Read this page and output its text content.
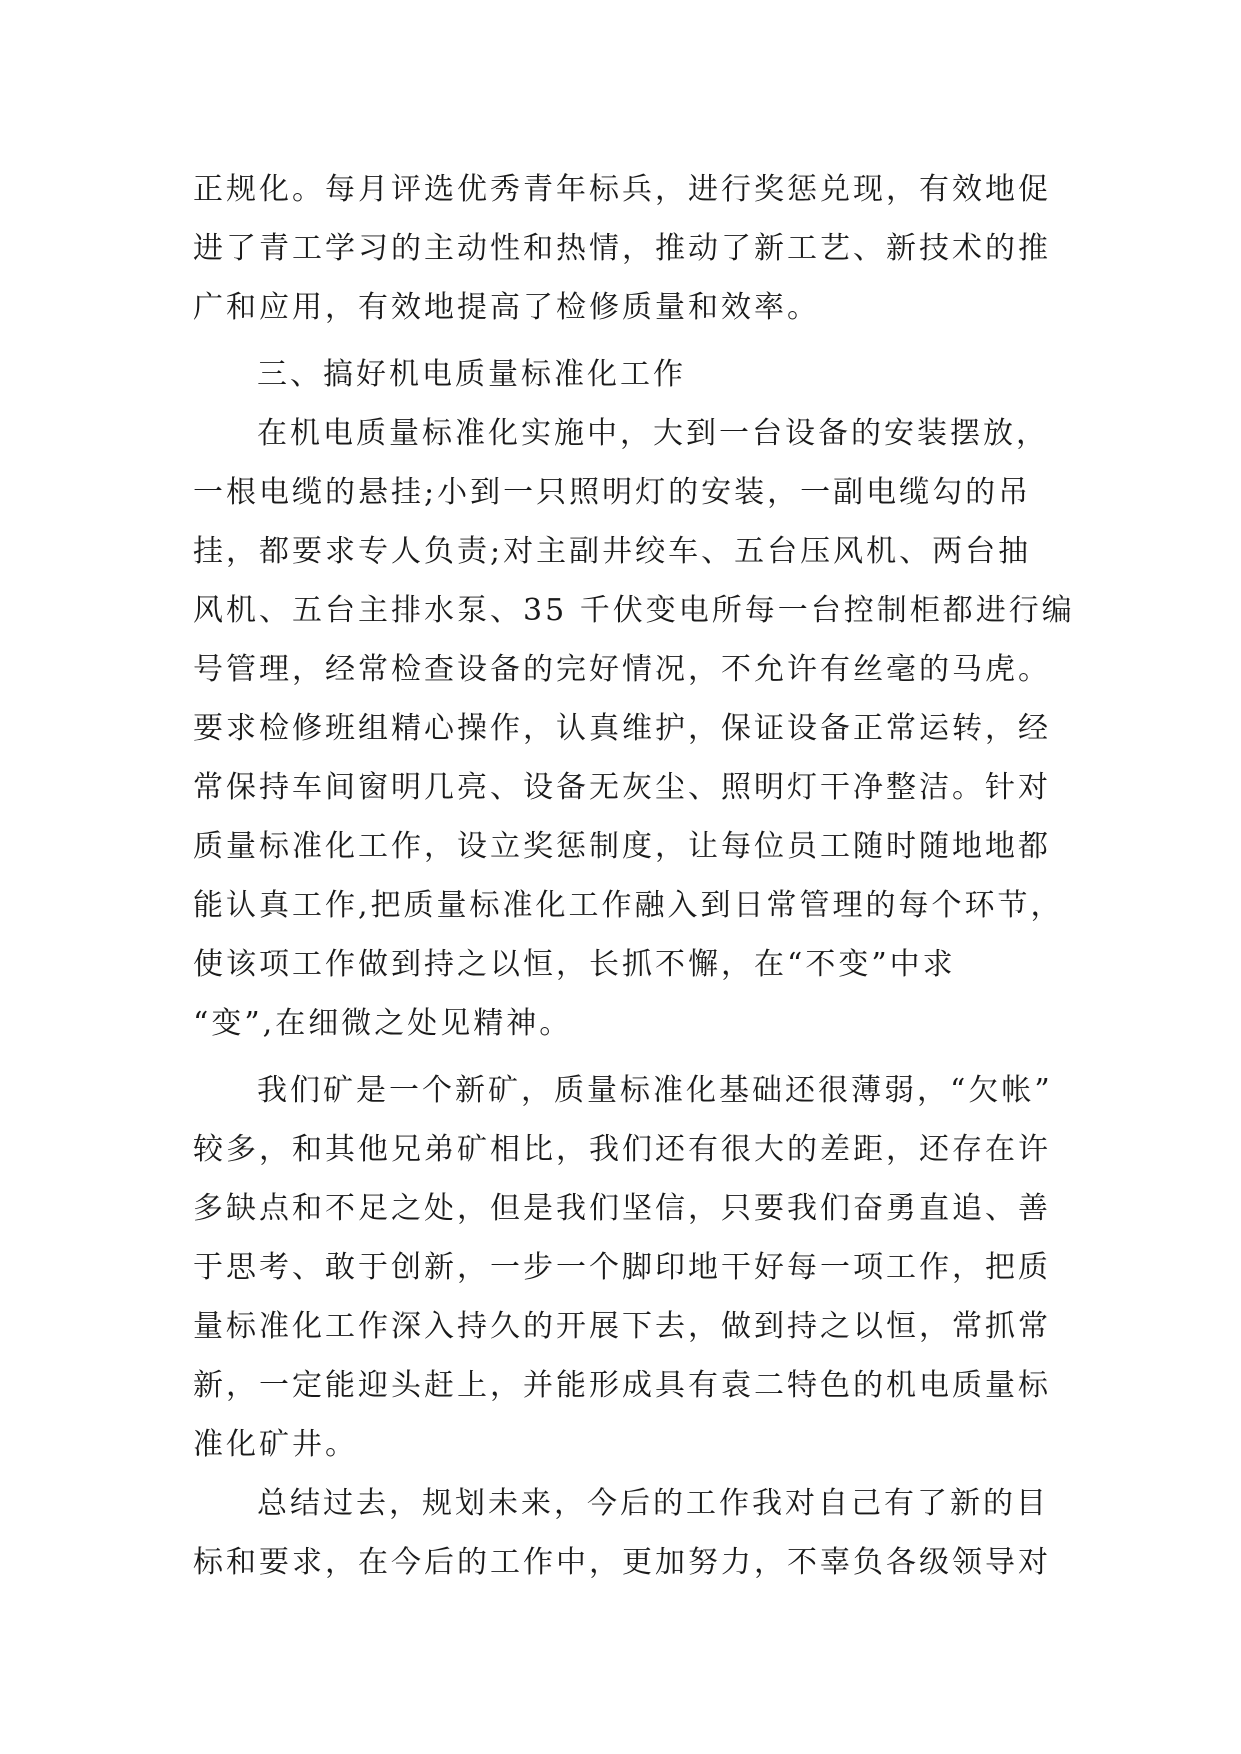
正规化。每月评选优秀青年标兵，进行奖惩兑现，有效地促
进了青工学习的主动性和热情，推动了新工艺、新技术的推
广和应用，有效地提高了检修质量和效率。
三、搞好机电质量标准化工作
在机电质量标准化实施中，大到一台设备的安装摆放，
一根电缆的悬挂;小到一只照明灯的安装，一副电缆勾的吊
挂，都要求专人负责;对主副井绞车、五台压风机、两台抽
风机、五台主排水泵、35 千伏变电所每一台控制柜都进行编
号管理，经常检查设备的完好情况，不允许有丝毫的马虎。
要求检修班组精心操作，认真维护，保证设备正常运转，经
常保持车间窗明几亮、设备无灰尘、照明灯干净整洁。针对
质量标准化工作，设立奖惩制度，让每位员工随时随地地都
能认真工作,把质量标准化工作融入到日常管理的每个环节，
使该项工作做到持之以恒，长抓不懈，在“不变”中求
“变”,在细微之处见精神。
我们矿是一个新矿，质量标准化基础还很薄弱，“欠帐”
较多，和其他兄弟矿相比，我们还有很大的差距，还存在许
多缺点和不足之处，但是我们坚信，只要我们奋勇直追、善
于思考、敢于创新，一步一个脚印地干好每一项工作，把质
量标准化工作深入持久的开展下去，做到持之以恒，常抓常
新，一定能迎头赶上，并能形成具有袁二特色的机电质量标
准化矿井。
总结过去，规划未来，今后的工作我对自己有了新的目
标和要求，在今后的工作中，更加努力，不辜负各级领导对
